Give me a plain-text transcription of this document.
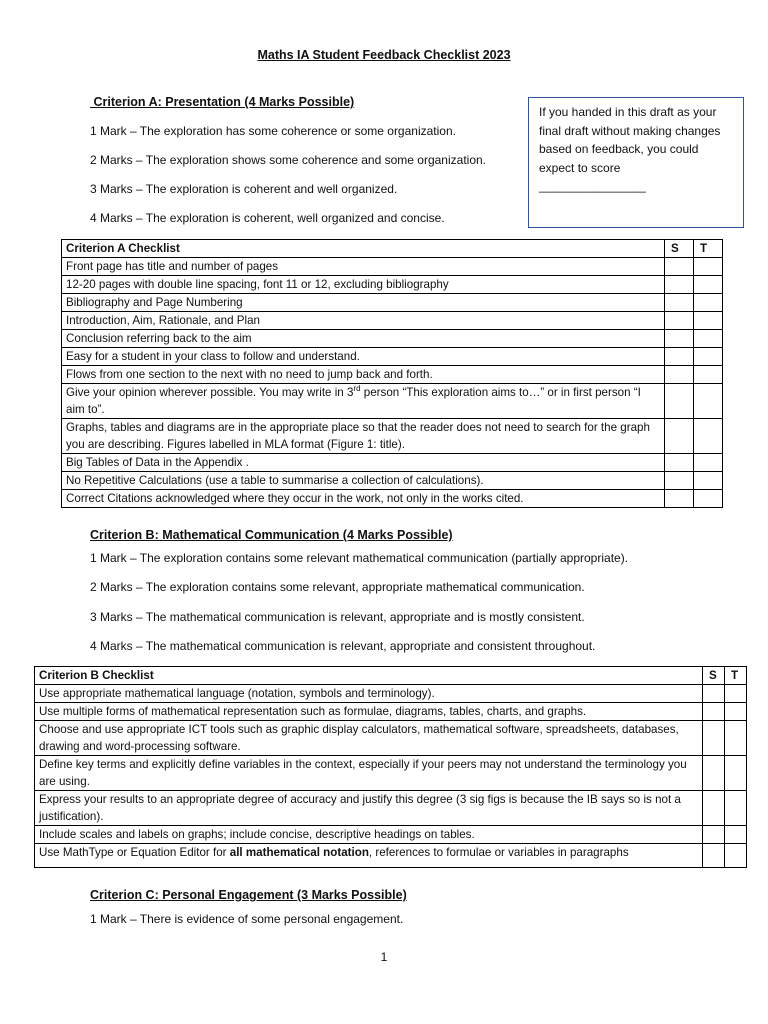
Maths IA Student Feedback Checklist 2023
Criterion A: Presentation (4 Marks Possible)
1 Mark – The exploration has some coherence or some organization.
2 Marks – The exploration shows some coherence and some organization.
3 Marks – The exploration is coherent and well organized.
4 Marks – The exploration is coherent, well organized and concise.
If you handed in this draft as your final draft without making changes based on feedback, you could expect to score
________________
Criterion A Checklist	S	T
Front page has title and number of pages		
12-20 pages with double line spacing, font 11 or 12, excluding bibliography		
Bibliography and Page Numbering		
Introduction, Aim, Rationale, and Plan		
Conclusion referring back to the aim		
Easy for a student in your class to follow and understand.		
Flows from one section to the next with no need to jump back and forth.		
Give your opinion wherever possible. You may write in 3rd person “This exploration aims to…” or in first person “I aim to”.		
Graphs, tables and diagrams are in the appropriate place so that the reader does not need to search for the graph you are describing. Figures labelled in MLA format (Figure 1: title).		
Big Tables of Data in the Appendix .		
No Repetitive Calculations (use a table to summarise a collection of calculations).		
Correct Citations acknowledged where they occur in the work, not only in the works cited.		
Criterion B: Mathematical Communication (4 Marks Possible)
1 Mark – The exploration contains some relevant mathematical communication (partially appropriate).
2 Marks – The exploration contains some relevant, appropriate mathematical communication.
3 Marks – The mathematical communication is relevant, appropriate and is mostly consistent.
4 Marks – The mathematical communication is relevant, appropriate and consistent throughout.
Criterion B Checklist	S	T
Use appropriate mathematical language (notation, symbols and terminology).		
Use multiple forms of mathematical representation such as formulae, diagrams, tables, charts, and graphs.		
Choose and use appropriate ICT tools such as graphic display calculators, mathematical software, spreadsheets, databases, drawing and word-processing software.		
Define key terms and explicitly define variables in the context, especially if your peers may not understand the terminology you are using.		
Express your results to an appropriate degree of accuracy and justify this degree (3 sig figs is because the IB says so is not a justification).		
Include scales and labels on graphs; include concise, descriptive headings on tables.		
Use MathType or Equation Editor for all mathematical notation, references to formulae or variables in paragraphs		
Criterion C: Personal Engagement (3 Marks Possible)
1 Mark – There is evidence of some personal engagement.
1
